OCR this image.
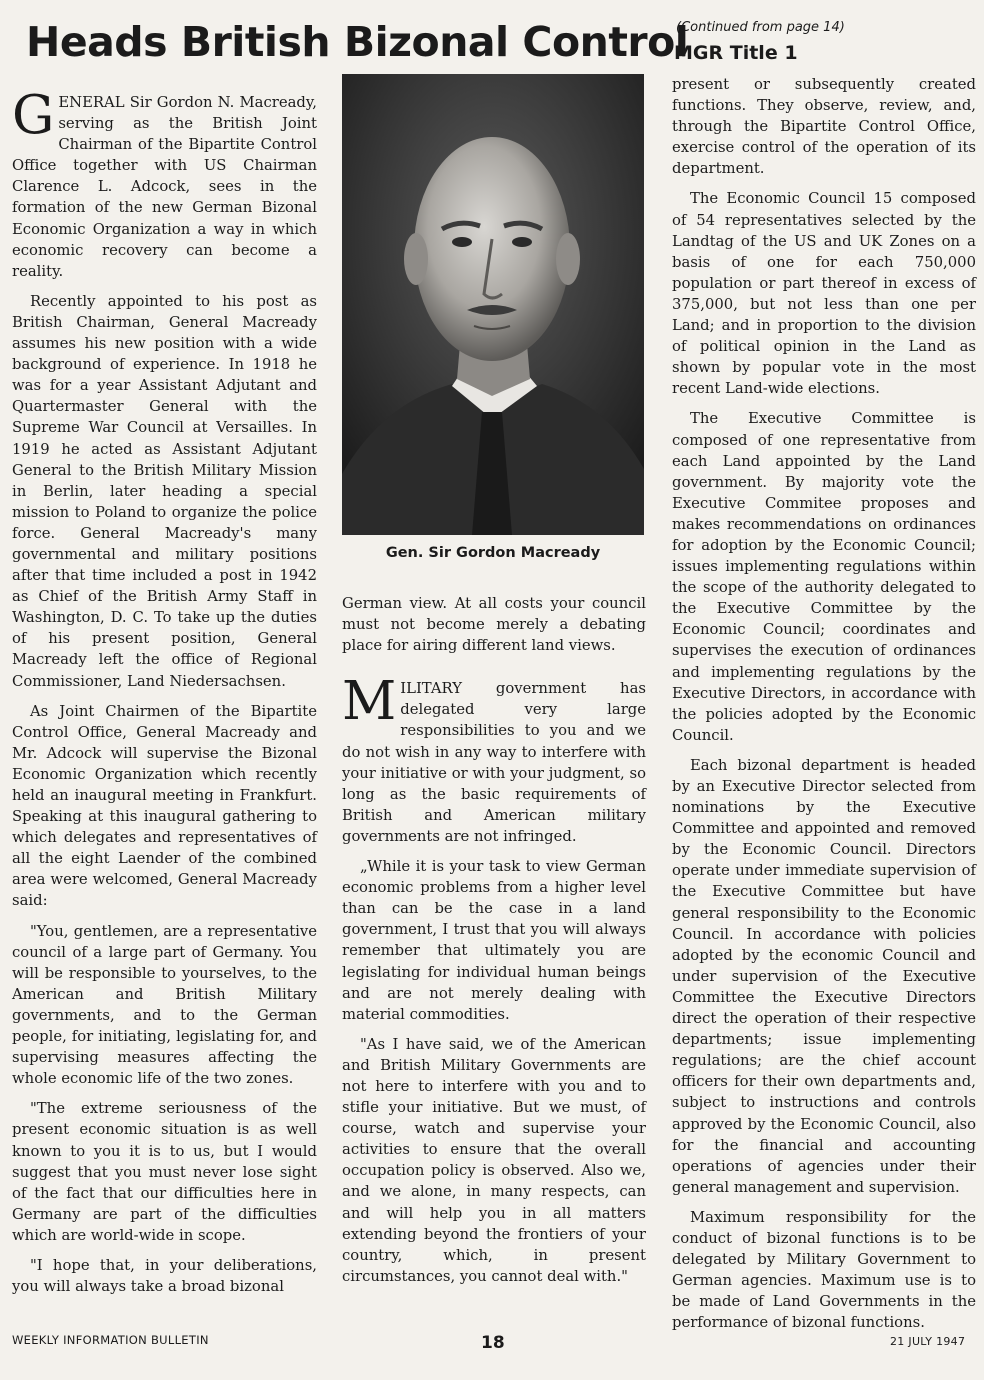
Heads British Bizonal Control
(Continued from page 14)
MGR Title 1

GENERAL Sir Gordon N. Macready, serving as the British Joint Chairman of the Bipartite Control Office together with US Chairman Clarence L. Adcock, sees in the formation of the new German Bizonal Economic Organization a way in which economic recovery can become a reality.

Recently appointed to his post as British Chairman, General Macready assumes his new position with a wide background of experience. In 1918 he was for a year Assistant Adjutant and Quartermaster General with the Supreme War Council at Versailles. In 1919 he acted as Assistant Adjutant General to the British Military Mission in Berlin, later heading a special mission to Poland to organize the police force. General Macready's many governmental and military positions after that time included a post in 1942 as Chief of the British Army Staff in Washington, D. C. To take up the duties of his present position, General Macready left the office of Regional Commissioner, Land Niedersachsen.

As Joint Chairmen of the Bipartite Control Office, General Macready and Mr. Adcock will supervise the Bizonal Economic Organization which recently held an inaugural meeting in Frankfurt. Speaking at this inaugural gathering to which delegates and representatives of all the eight Laender of the combined area were welcomed, General Macready said:

"You, gentlemen, are a representative council of a large part of Germany. You will be responsible to yourselves, to the American and British Military governments, and to the German people, for initiating, legislating for, and supervising measures affecting the whole economic life of the two zones.

"The extreme seriousness of the present economic situation is as well known to you it is to us, but I would suggest that you must never lose sight of the fact that our difficulties here in Germany are part of the difficulties which are world-wide in scope.

"I hope that, in your deliberations, you will always take a broad bizonal

Gen. Sir Gordon Macready

German view. At all costs your council must not become merely a debating place for airing different land views.

MILITARY government has delegated very large responsibilities to you and we do not wish in any way to interfere with your initiative or with your judgment, so long as the basic requirements of British and American military governments are not infringed.

„While it is your task to view German economic problems from a higher level than can be the case in a land government, I trust that you will always remember that ultimately you are legislating for individual human beings and are not merely dealing with material commodities.

"As I have said, we of the American and British Military Governments are not here to interfere with you and to stifle your initiative. But we must, of course, watch and supervise your activities to ensure that the overall occupation policy is observed. Also we, and we alone, in many respects, can and will help you in all matters extending beyond the frontiers of your country, which, in present circumstances, you cannot deal with."

present or subsequently created functions. They observe, review, and, through the Bipartite Control Office, exercise control of the operation of its department.

The Economic Council 15 composed of 54 representatives selected by the Landtag of the US and UK Zones on a basis of one for each 750,000 population or part thereof in excess of 375,000, but not less than one per Land; and in proportion to the division of political opinion in the Land as shown by popular vote in the most recent Land-wide elections.

The Executive Committee is composed of one representative from each Land appointed by the Land government. By majority vote the Executive Commitee proposes and makes recommendations on ordinances for adoption by the Economic Council; issues implementing regulations within the scope of the authority delegated to the Executive Committee by the Economic Council; coordinates and supervises the execution of ordinances and implementing regulations by the Executive Directors, in accordance with the policies adopted by the Economic Council.

Each bizonal department is headed by an Executive Director selected from nominations by the Executive Committee and appointed and removed by the Economic Council. Directors operate under immediate supervision of the Executive Committee but have general responsibility to the Economic Council. In accordance with policies adopted by the economic Council and under supervision of the Executive Committee the Executive Directors direct the operation of their respective departments; issue implementing regulations; are the chief account officers for their own departments and, subject to instructions and controls approved by the Economic Council, also for the financial and accounting operations of agencies under their general management and supervision.

Maximum responsibility for the conduct of bizonal functions is to be delegated by Military Government to German agencies. Maximum use is to be made of Land Governments in the performance of bizonal functions.

WEEKLY INFORMATION BULLETIN	18	21 JULY 1947
